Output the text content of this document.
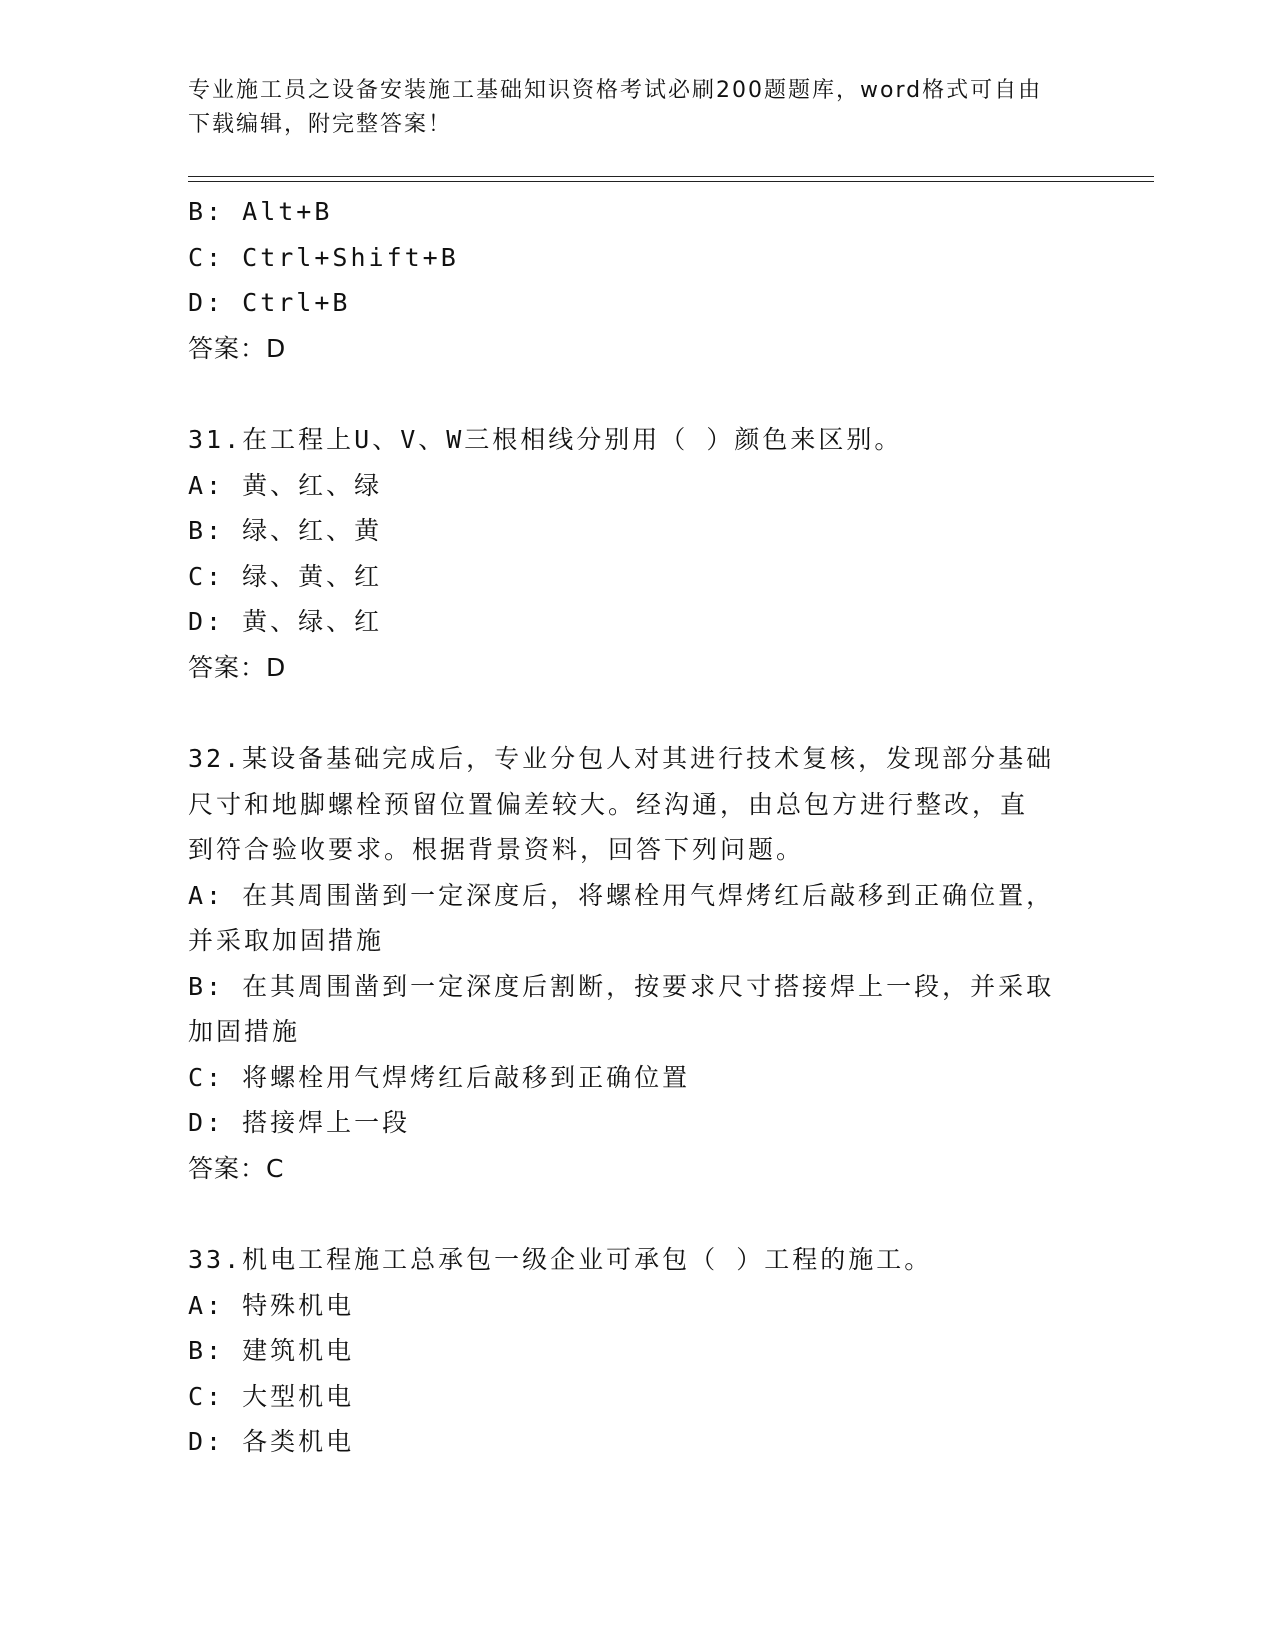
专业施工员之设备安装施工基础知识资格考试必刷200题题库，word格式可自由
下载编辑，附完整答案！
B: Alt+B
C: Ctrl+Shift+B
D: Ctrl+B
答案：D
31.在工程上U、V、W三根相线分别用（ ）颜色来区别。
A: 黄、红、绿
B: 绿、红、黄
C: 绿、黄、红
D: 黄、绿、红
答案：D
32.某设备基础完成后，专业分包人对其进行技术复核，发现部分基础
尺寸和地脚螺栓预留位置偏差较大。经沟通，由总包方进行整改，直
到符合验收要求。根据背景资料，回答下列问题。
A: 在其周围凿到一定深度后，将螺栓用气焊烤红后敲移到正确位置，
并采取加固措施
B: 在其周围凿到一定深度后割断，按要求尺寸搭接焊上一段，并采取
加固措施
C: 将螺栓用气焊烤红后敲移到正确位置
D: 搭接焊上一段
答案：C
33.机电工程施工总承包一级企业可承包（ ）工程的施工。
A: 特殊机电
B: 建筑机电
C: 大型机电
D: 各类机电
